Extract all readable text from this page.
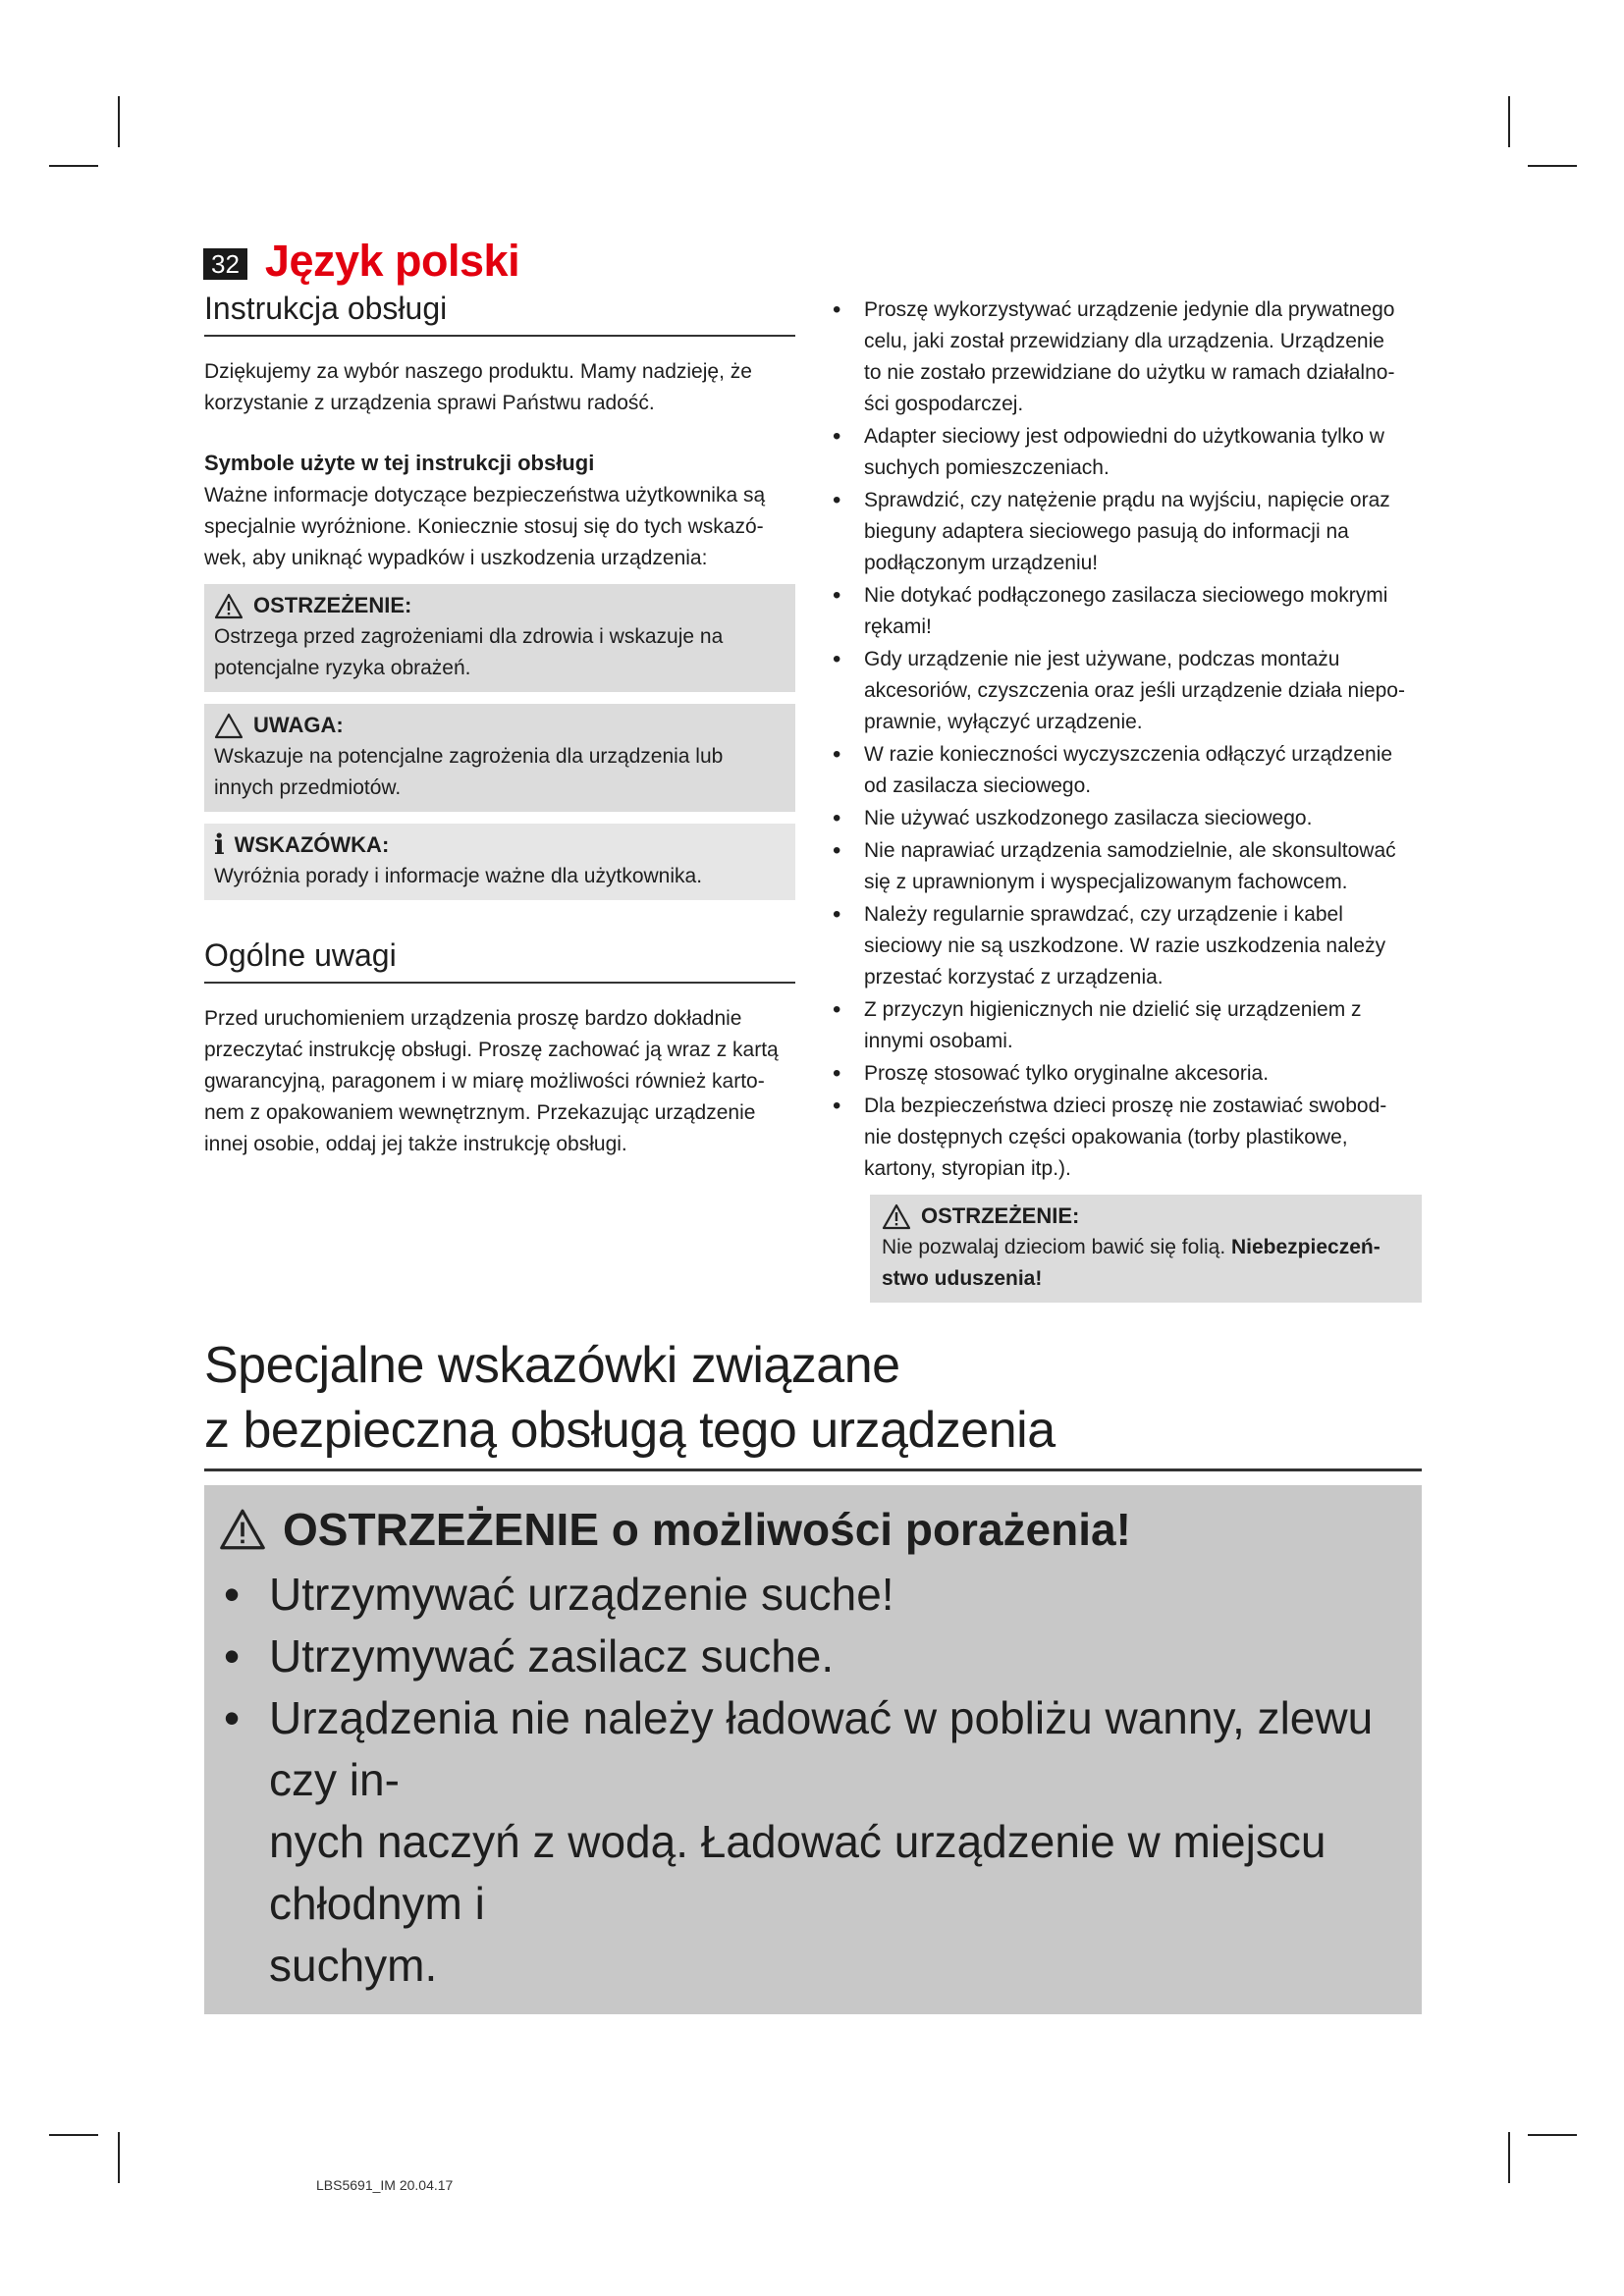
32 Język polski
Instrukcja obsługi

Dziękujemy za wybór naszego produktu. Mamy nadzieję, że
korzystanie z urządzenia sprawi Państwu radość.

Symbole użyte w tej instrukcji obsługi

Ważne informacje dotyczące bezpieczeństwa użytkownika są
specjalnie wyróżnione. Koniecznie stosuj się do tych wskazó-
wek, aby uniknąć wypadków i uszkodzenia urządzenia:

OSTRZEŻENIE:
Ostrzega przed zagrożeniami dla zdrowia i wskazuje na
potencjalne ryzyka obrażeń.
UWAGA:
Wskazuje na potencjalne zagrożenia dla urządzenia lub
innych przedmiotów.
i WSKAZÓWKA:
Wyróżnia porady i informacje ważne dla użytkownika.
Ogólne uwagi

Przed uruchomieniem urządzenia proszę bardzo dokładnie
przeczytać instrukcję obsługi. Proszę zachować ją wraz z kartą
gwarancyjną, paragonem i w miarę możliwości również karto-
nem z opakowaniem wewnętrznym. Przekazując urządzenie
innej osobie, oddaj jej także instrukcję obsługi.

• Proszę wykorzystywać urządzenie jedynie dla prywatnego
celu, jaki został przewidziany dla urządzenia. Urządzenie
to nie zostało przewidziane do użytku w ramach działalno-
ści gospodarczej.
• Adapter sieciowy jest odpowiedni do użytkowania tylko w
suchych pomieszczeniach.
• Sprawdzić, czy natężenie prądu na wyjściu, napięcie oraz
bieguny adaptera sieciowego pasują do informacji na
podłączonym urządzeniu!
• Nie dotykać podłączonego zasilacza sieciowego mokrymi
rękami!
• Gdy urządzenie nie jest używane, podczas montażu
akcesoriów, czyszczenia oraz jeśli urządzenie działa niepo-
prawnie, wyłączyć urządzenie.
• W razie konieczności wyczyszczenia odłączyć urządzenie
od zasilacza sieciowego.
• Nie używać uszkodzonego zasilacza sieciowego.
• Nie naprawiać urządzenia samodzielnie, ale skonsultować
się z uprawnionym i wyspecjalizowanym fachowcem.
• Należy regularnie sprawdzać, czy urządzenie i kabel
sieciowy nie są uszkodzone. W razie uszkodzenia należy
przestać korzystać z urządzenia.
• Z przyczyn higienicznych nie dzielić się urządzeniem z
innymi osobami.
• Proszę stosować tylko oryginalne akcesoria.
• Dla bezpieczeństwa dzieci proszę nie zostawiać swobod-
nie dostępnych części opakowania (torby plastikowe,
kartony, styropian itp.).
OSTRZEŻENIE:
Nie pozwalaj dzieciom bawić się folią. Niebezpieczeń-
stwo uduszenia!
Specjalne wskazówki związane
z bezpieczną obsługą tego urządzenia
OSTRZEŻENIE o możliwości porażenia!
• Utrzymywać urządzenie suche!
• Utrzymywać zasilacz suche.
• Urządzenia nie należy ładować w pobliżu wanny, zlewu czy in-
nych naczyń z wodą. Ładować urządzenie w miejscu chłodnym i
suchym.
LBS5691_IM 20.04.17
